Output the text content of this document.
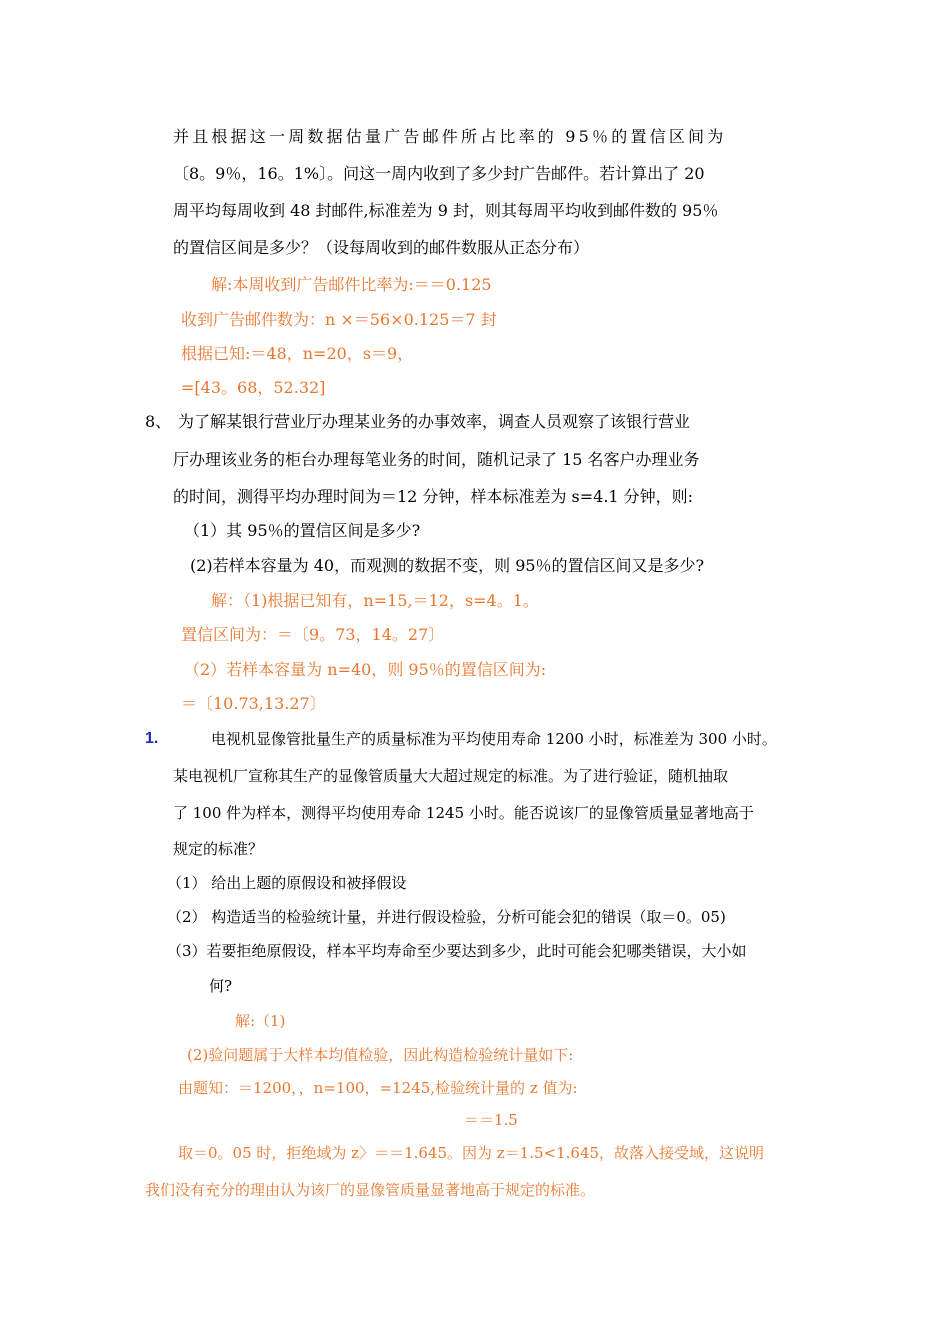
并且根据这一周数据估量广告邮件所占比率的 95％的置信区间为
〔8。9％，16。1%〕。问这一周内收到了多少封广告邮件。若计算出了 20
周平均每周收到 48 封邮件,标准差为 9 封，则其每周平均收到邮件数的 95％
的置信区间是多少？（设每周收到的邮件数服从正态分布）
解:本周收到广告邮件比率为:＝＝0.125
收到广告邮件数为：n ×＝56×0.125＝7 封
根据已知:＝48，n=20，s＝9，
=[43。68，52.32]
8、 为了解某银行营业厅办理某业务的办事效率，调查人员观察了该银行营业
厅办理该业务的柜台办理每笔业务的时间，随机记录了 15 名客户办理业务
的时间，测得平均办理时间为＝12 分钟，样本标准差为 s=4.1 分钟，则:
（1）其 95％的置信区间是多少?
(2)若样本容量为 40，而观测的数据不变，则 95％的置信区间又是多少?
解：（1)根据已知有，n=15,＝12，s=4。1。
置信区间为：＝〔9。73，14。27〕
（2）若样本容量为 n=40，则 95％的置信区间为:
＝〔10.73,13.27〕
1.	电视机显像管批量生产的质量标准为平均使用寿命 1200 小时，标准差为 300 小时。
某电视机厂宣称其生产的显像管质量大大超过规定的标准。为了进行验证，随机抽取
了 100 件为样本，测得平均使用寿命 1245 小时。能否说该厂的显像管质量显著地高于
规定的标准？
（1） 给出上题的原假设和被择假设
（2） 构造适当的检验统计量，并进行假设检验，分析可能会犯的错误（取＝0。05)
（3）若要拒绝原假设，样本平均寿命至少要达到多少，此时可能会犯哪类错误，大小如
何?
解:（1)
(2)验问题属于大样本均值检验，因此构造检验统计量如下:
由题知：＝1200，，n=100，=1245,检验统计量的 z 值为:
＝＝1.5
取＝0。05 时，拒绝域为 z〉＝＝1.645。因为 z＝1.5<1.645，故落入接受域，这说明
我们没有充分的理由认为该厂的显像管质量显著地高于规定的标准。
